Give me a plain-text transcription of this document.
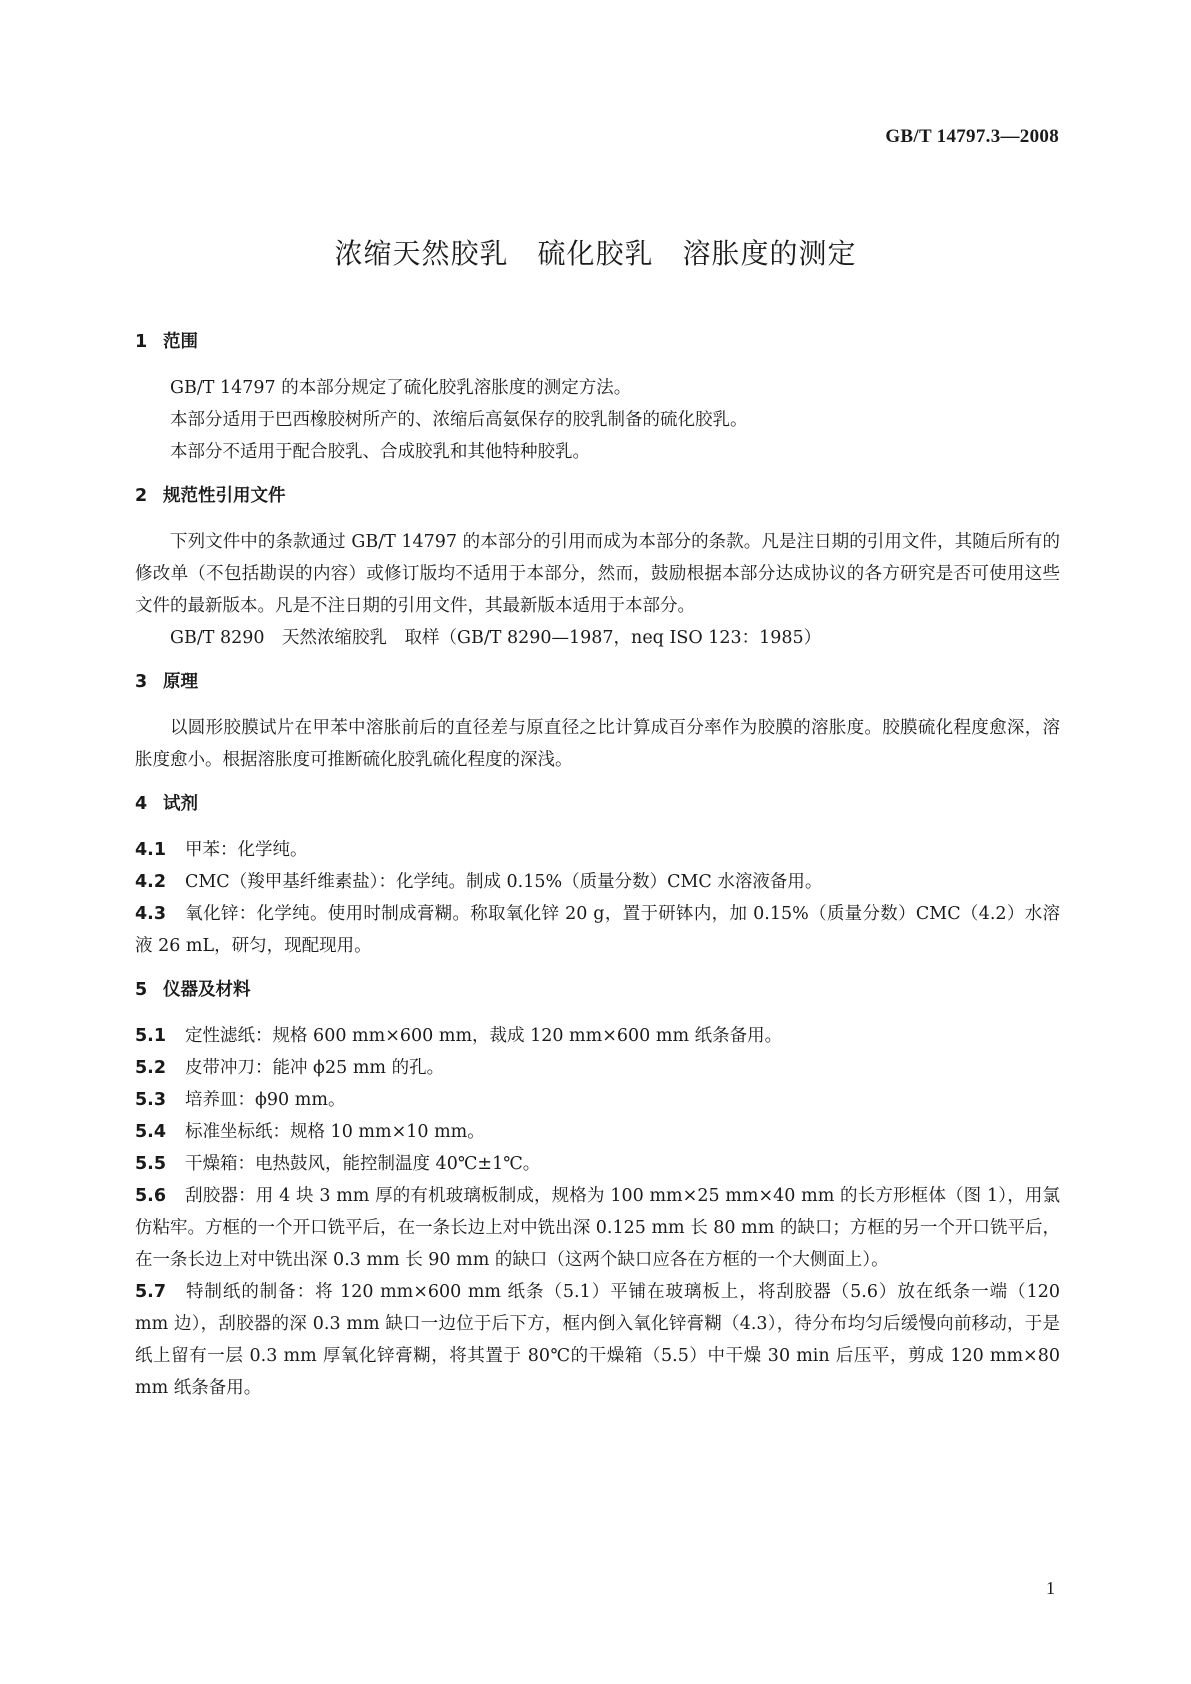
GB/T 14797.3—2008
浓缩天然胶乳　硫化胶乳　溶胀度的测定
1 范围
GB/T 14797 的本部分规定了硫化胶乳溶胀度的测定方法。
本部分适用于巴西橡胶树所产的、浓缩后高氨保存的胶乳制备的硫化胶乳。
本部分不适用于配合胶乳、合成胶乳和其他特种胶乳。
2 规范性引用文件
下列文件中的条款通过 GB/T 14797 的本部分的引用而成为本部分的条款。凡是注日期的引用文件，其随后所有的修改单（不包括勘误的内容）或修订版均不适用于本部分，然而，鼓励根据本部分达成协议的各方研究是否可使用这些文件的最新版本。凡是不注日期的引用文件，其最新版本适用于本部分。
GB/T 8290　天然浓缩胶乳　取样（GB/T 8290—1987，neq ISO 123：1985）
3 原理
以圆形胶膜试片在甲苯中溶胀前后的直径差与原直径之比计算成百分率作为胶膜的溶胀度。胶膜硫化程度愈深，溶胀度愈小。根据溶胀度可推断硫化胶乳硫化程度的深浅。
4 试剂
4.1 甲苯：化学纯。
4.2 CMC（羧甲基纤维素盐）：化学纯。制成 0.15%（质量分数）CMC 水溶液备用。
4.3 氧化锌：化学纯。使用时制成膏糊。称取氧化锌 20 g，置于研钵内，加 0.15%（质量分数）CMC（4.2）水溶液 26 mL，研匀，现配现用。
5 仪器及材料
5.1 定性滤纸：规格 600 mm×600 mm，裁成 120 mm×600 mm 纸条备用。
5.2 皮带冲刀：能冲 ϕ25 mm 的孔。
5.3 培养皿：ϕ90 mm。
5.4 标准坐标纸：规格 10 mm×10 mm。
5.5 干燥箱：电热鼓风，能控制温度 40℃±1℃。
5.6 刮胶器：用 4 块 3 mm 厚的有机玻璃板制成，规格为 100 mm×25 mm×40 mm 的长方形框体（图 1），用氯仿粘牢。方框的一个开口铣平后，在一条长边上对中铣出深 0.125 mm 长 80 mm 的缺口；方框的另一个开口铣平后，在一条长边上对中铣出深 0.3 mm 长 90 mm 的缺口（这两个缺口应各在方框的一个大侧面上）。
5.7 特制纸的制备：将 120 mm×600 mm 纸条（5.1）平铺在玻璃板上，将刮胶器（5.6）放在纸条一端（120 mm 边），刮胶器的深 0.3 mm 缺口一边位于后下方，框内倒入氧化锌膏糊（4.3），待分布均匀后缓慢向前移动，于是纸上留有一层 0.3 mm 厚氧化锌膏糊，将其置于 80℃的干燥箱（5.5）中干燥 30 min 后压平，剪成 120 mm×80 mm 纸条备用。
1
